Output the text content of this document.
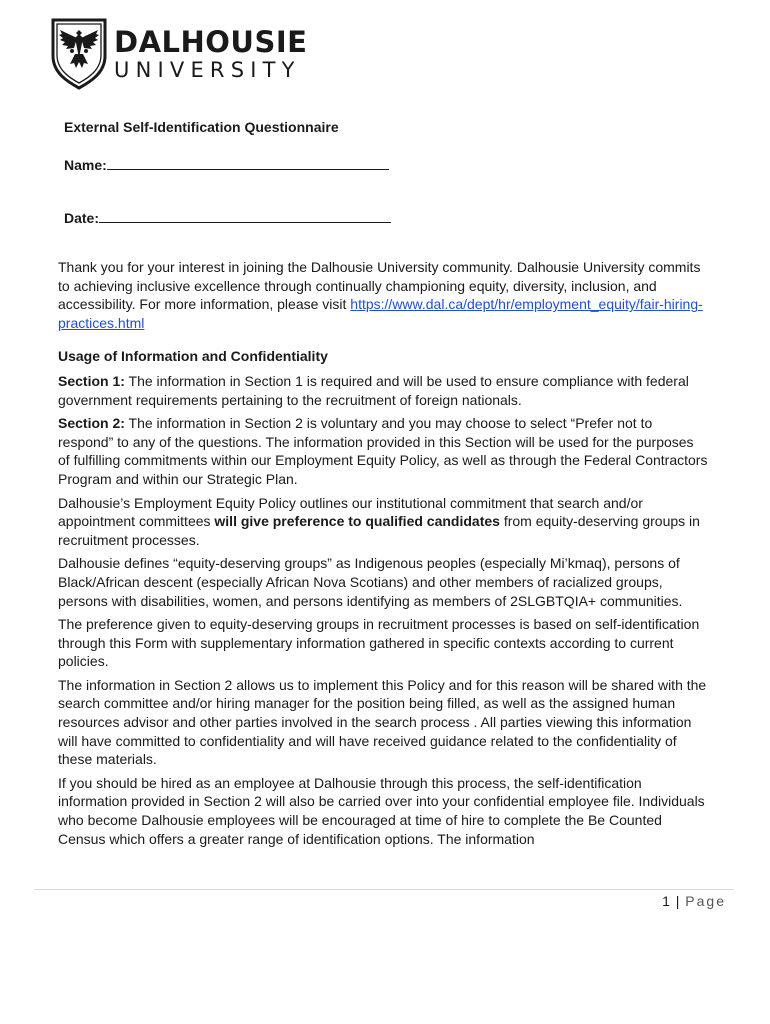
DALHOUSIE
UNIVERSITY
External Self-Identification Questionnaire
Name:
Date:

Thank you for your interest in joining the Dalhousie University community. Dalhousie University commits to achieving inclusive excellence through continually championing equity, diversity, inclusion, and accessibility. For more information, please visit https://www.dal.ca/dept/hr/employment_equity/fair-hiring-practices.html

Usage of Information and Confidentiality

Section 1: The information in Section 1 is required and will be used to ensure compliance with federal government requirements pertaining to the recruitment of foreign nationals.

Section 2: The information in Section 2 is voluntary and you may choose to select “Prefer not to respond” to any of the questions. The information provided in this Section will be used for the purposes of fulfilling commitments within our Employment Equity Policy, as well as through the Federal Contractors Program and within our Strategic Plan.

Dalhousie’s Employment Equity Policy outlines our institutional commitment that search and/or appointment committees will give preference to qualified candidates from equity-deserving groups in recruitment processes.

Dalhousie defines “equity-deserving groups” as Indigenous peoples (especially Mi’kmaq), persons of Black/African descent (especially African Nova Scotians) and other members of racialized groups, persons with disabilities, women, and persons identifying as members of 2SLGBTQIA+ communities.

The preference given to equity-deserving groups in recruitment processes is based on self-identification through this Form with supplementary information gathered in specific contexts according to current policies.

The information in Section 2 allows us to implement this Policy and for this reason will be shared with the search committee and/or hiring manager for the position being filled, as well as the assigned human resources advisor and other parties involved in the search process . All parties viewing this information will have committed to confidentiality and will have received guidance related to the confidentiality of these materials.

If you should be hired as an employee at Dalhousie through this process, the self-identification information provided in Section 2 will also be carried over into your confidential employee file. Individuals who become Dalhousie employees will be encouraged at time of hire to complete the Be Counted Census which offers a greater range of identification options. The information

1 | Page
